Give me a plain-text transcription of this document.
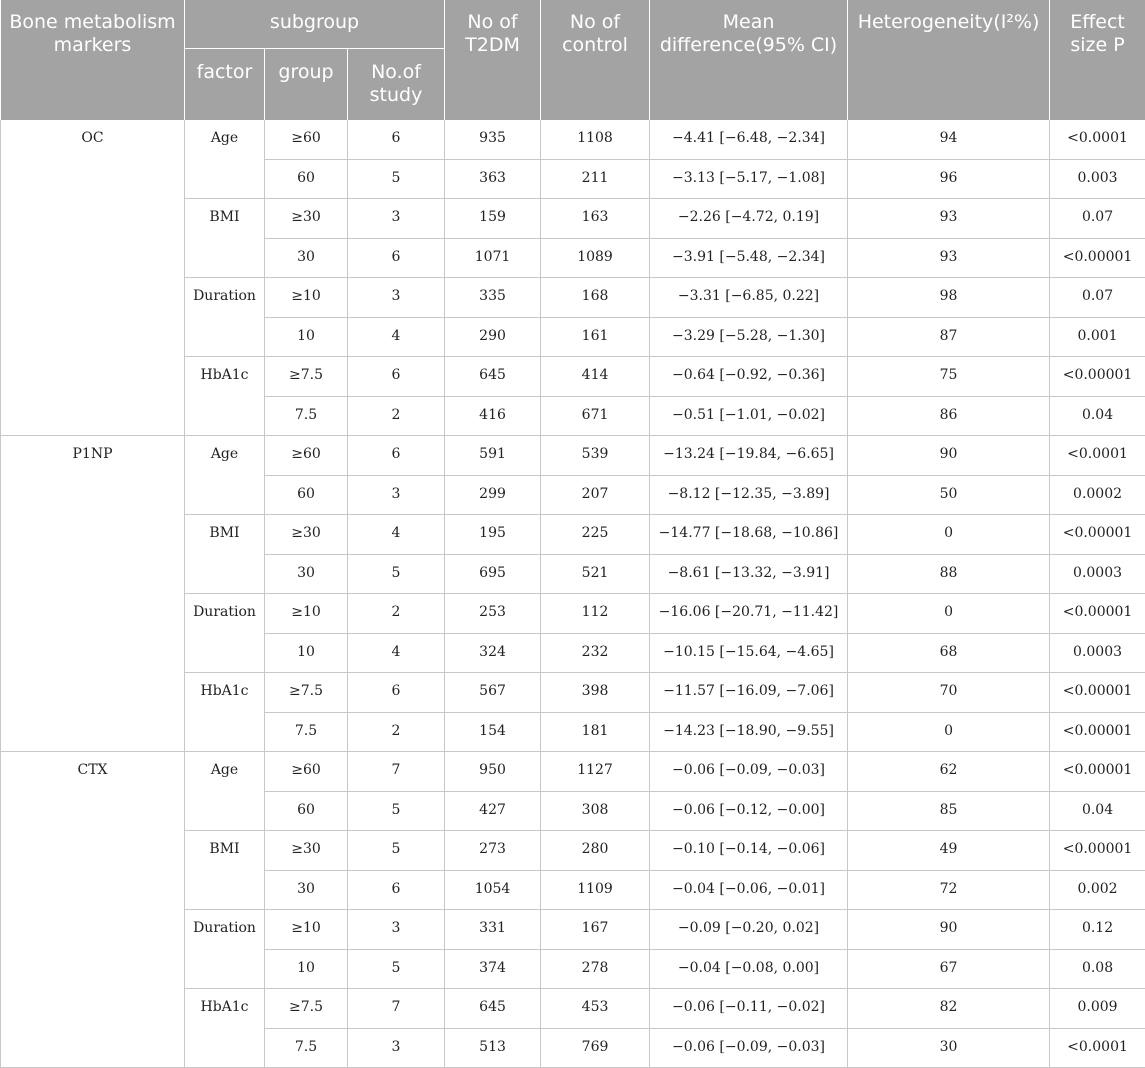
Bone metabolism markers	subgroup			No of T2DM	No of control	Mean difference(95% CI)	Heterogeneity(I²%)	Effect size P
	factor	group	No.of study					
OC	Age	≥60	6	935	1108	−4.41 [−6.48, −2.34]	94	<0.0001
		60	5	363	211	−3.13 [−5.17, −1.08]	96	0.003
	BMI	≥30	3	159	163	−2.26 [−4.72, 0.19]	93	0.07
		30	6	1071	1089	−3.91 [−5.48, −2.34]	93	<0.00001
	Duration	≥10	3	335	168	−3.31 [−6.85, 0.22]	98	0.07
		10	4	290	161	−3.29 [−5.28, −1.30]	87	0.001
	HbA1c	≥7.5	6	645	414	−0.64 [−0.92, −0.36]	75	<0.00001
		7.5	2	416	671	−0.51 [−1.01, −0.02]	86	0.04
P1NP	Age	≥60	6	591	539	−13.24 [−19.84, −6.65]	90	<0.0001
		60	3	299	207	−8.12 [−12.35, −3.89]	50	0.0002
	BMI	≥30	4	195	225	−14.77 [−18.68, −10.86]	0	<0.00001
		30	5	695	521	−8.61 [−13.32, −3.91]	88	0.0003
	Duration	≥10	2	253	112	−16.06 [−20.71, −11.42]	0	<0.00001
		10	4	324	232	−10.15 [−15.64, −4.65]	68	0.0003
	HbA1c	≥7.5	6	567	398	−11.57 [−16.09, −7.06]	70	<0.00001
		7.5	2	154	181	−14.23 [−18.90, −9.55]	0	<0.00001
CTX	Age	≥60	7	950	1127	−0.06 [−0.09, −0.03]	62	<0.00001
		60	5	427	308	−0.06 [−0.12, −0.00]	85	0.04
	BMI	≥30	5	273	280	−0.10 [−0.14, −0.06]	49	<0.00001
		30	6	1054	1109	−0.04 [−0.06, −0.01]	72	0.002
	Duration	≥10	3	331	167	−0.09 [−0.20, 0.02]	90	0.12
		10	5	374	278	−0.04 [−0.08, 0.00]	67	0.08
	HbA1c	≥7.5	7	645	453	−0.06 [−0.11, −0.02]	82	0.009
		7.5	3	513	769	−0.06 [−0.09, −0.03]	30	<0.0001
